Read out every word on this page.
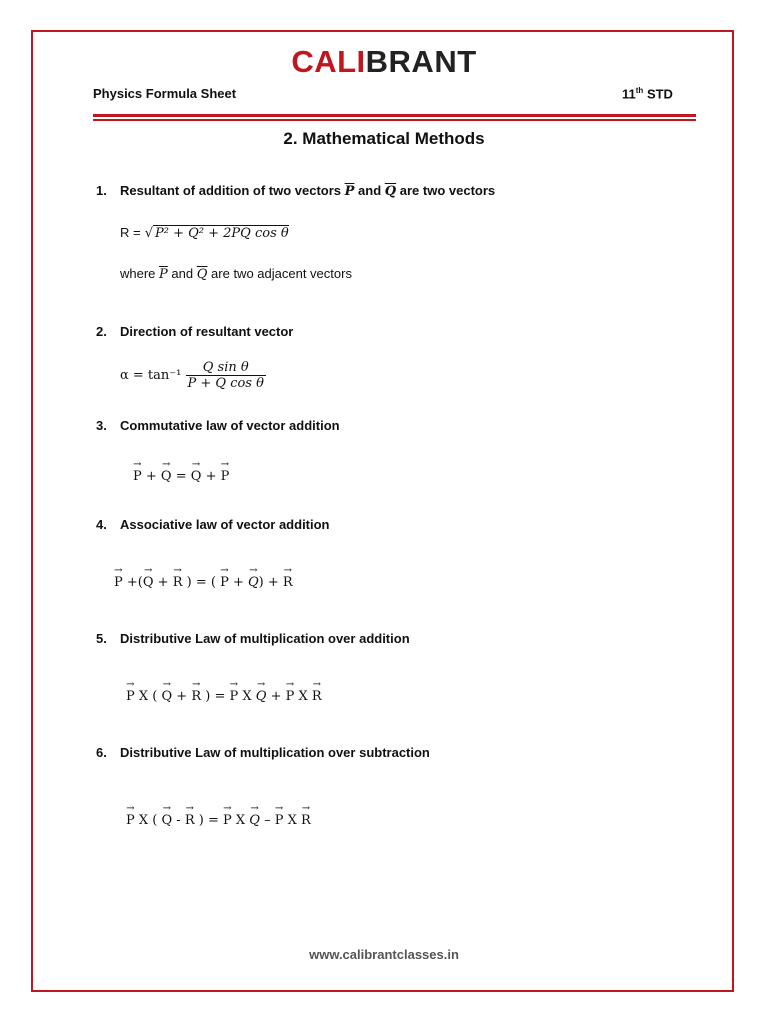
CALIBRANT
Physics Formula Sheet	11th STD
2. Mathematical Methods
1. Resultant of addition of two vectors $\overline{P}$ and $\overline{Q}$ are two vectors
R = √ P² + Q² + 2PQ cos θ
where $\overline{P}$ and $\overline{Q}$ are two adjacent vectors
2. Direction of resultant vector
$\alpha = \tan^{-1} \frac{\text{Q sin θ}}{\text{P + Q cos θ}}$
3. Commutative law of vector addition
→ P + → Q = → Q + → P
4. Associative law of vector addition
→ P +(→ Q + → R ) = ( → P + → Q) + → R
5. Distributive Law of multiplication over addition
→ P X ( → Q + → R ) = → P X → Q + → P X → R
6. Distributive Law of multiplication over subtraction
→ P X ( → Q - → R ) = → P X → Q – → P X → R
www.calibrantclasses.in
